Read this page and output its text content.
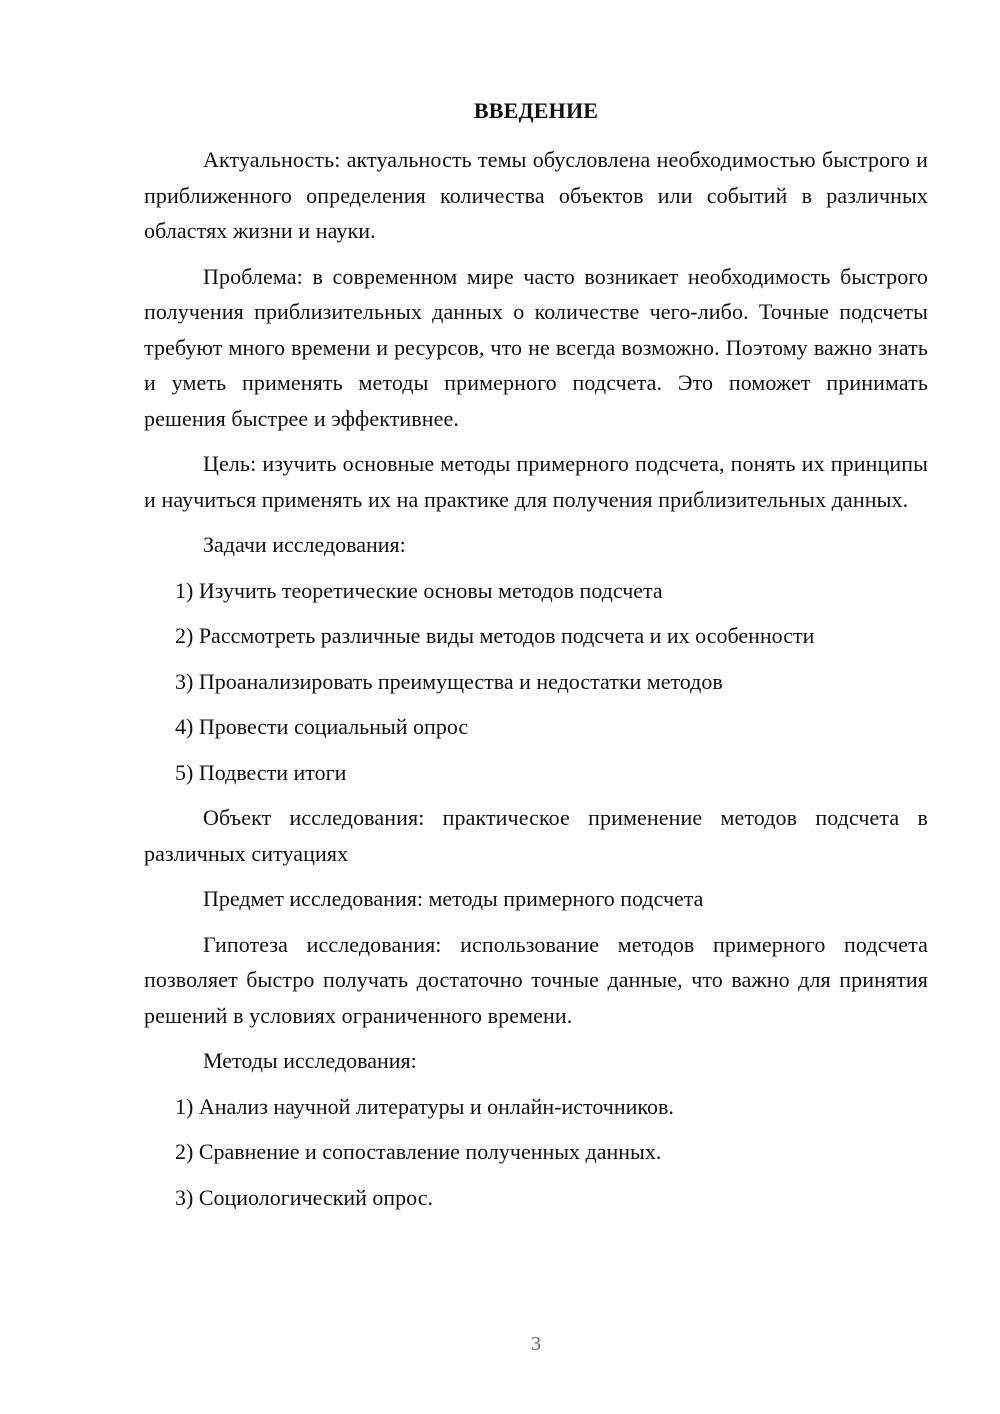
ВВЕДЕНИЕ

Актуальность: актуальность темы обусловлена необходимостью быстрого и приближенного определения количества объектов или событий в различных областях жизни и науки.

Проблема: в современном мире часто возникает необходимость быстрого получения приблизительных данных о количестве чего-либо. Точные подсчеты требуют много времени и ресурсов, что не всегда возможно. Поэтому важно знать и уметь применять методы примерного подсчета. Это поможет принимать решения быстрее и эффективнее.

Цель: изучить основные методы примерного подсчета, понять их принципы и научиться применять их на практике для получения приблизительных данных.

Задачи исследования:

1) Изучить теоретические основы методов подсчета
2) Рассмотреть различные виды методов подсчета и их особенности
3) Проанализировать преимущества и недостатки методов
4) Провести социальный опрос
5) Подвести итоги

Объект исследования: практическое применение методов подсчета в различных ситуациях

Предмет исследования: методы примерного подсчета

Гипотеза исследования: использование методов примерного подсчета позволяет быстро получать достаточно точные данные, что важно для принятия решений в условиях ограниченного времени.

Методы исследования:

1) Анализ научной литературы и онлайн-источников.
2) Сравнение и сопоставление полученных данных.
3) Социологический опрос.
3
